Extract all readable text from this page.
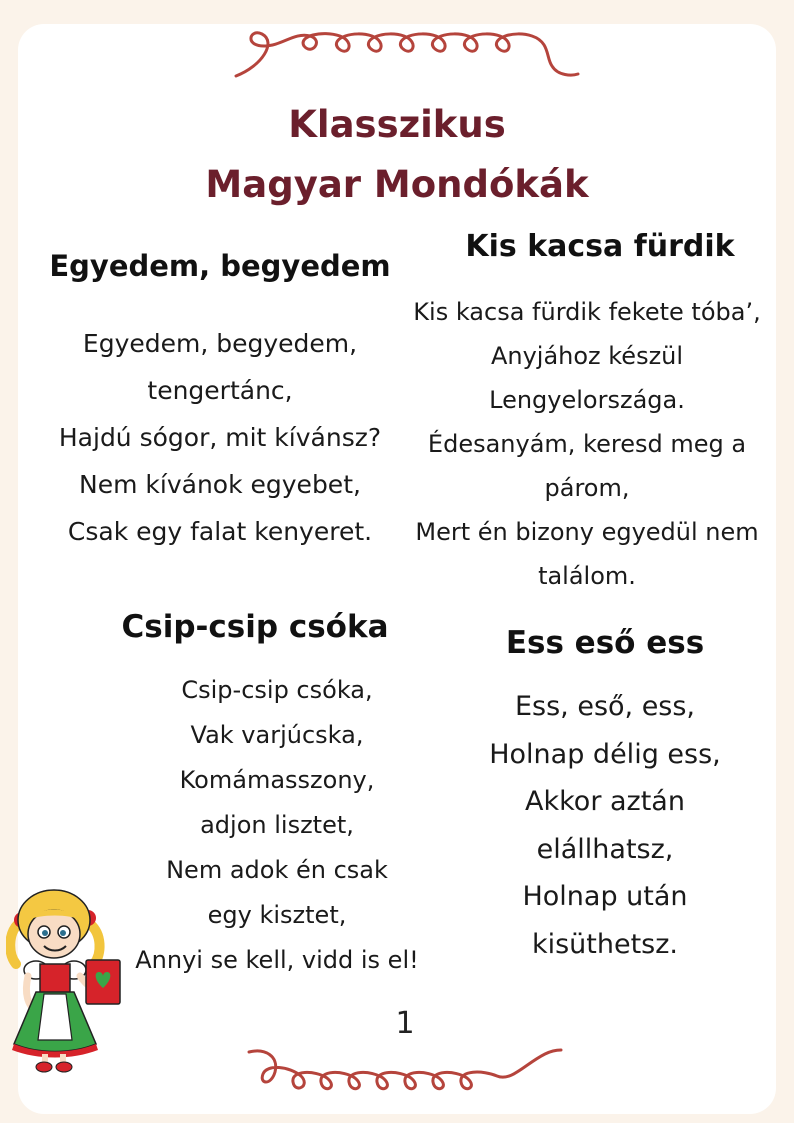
Klasszikus
Magyar Mondókák
Egyedem, begyedem
Egyedem, begyedem,
tengertánc,
Hajdú sógor, mit kívánsz?
Nem kívánok egyebet,
Csak egy falat kenyeret.
Kis kacsa fürdik
Kis kacsa fürdik fekete tóba’,
Anyjához készül
Lengyelországa.
Édesanyám, keresd meg a
párom,
Mert én bizony egyedül nem
találom.
Csip-csip csóka
Csip-csip csóka,
Vak varjúcska,
Komámasszony,
adjon lisztet,
Nem adok én csak
egy kisztet,
Annyi se kell, vidd is el!
Ess eső ess
Ess, eső, ess,
Holnap délig ess,
Akkor aztán
elállhatsz,
Holnap után
kisüthetsz.

1
